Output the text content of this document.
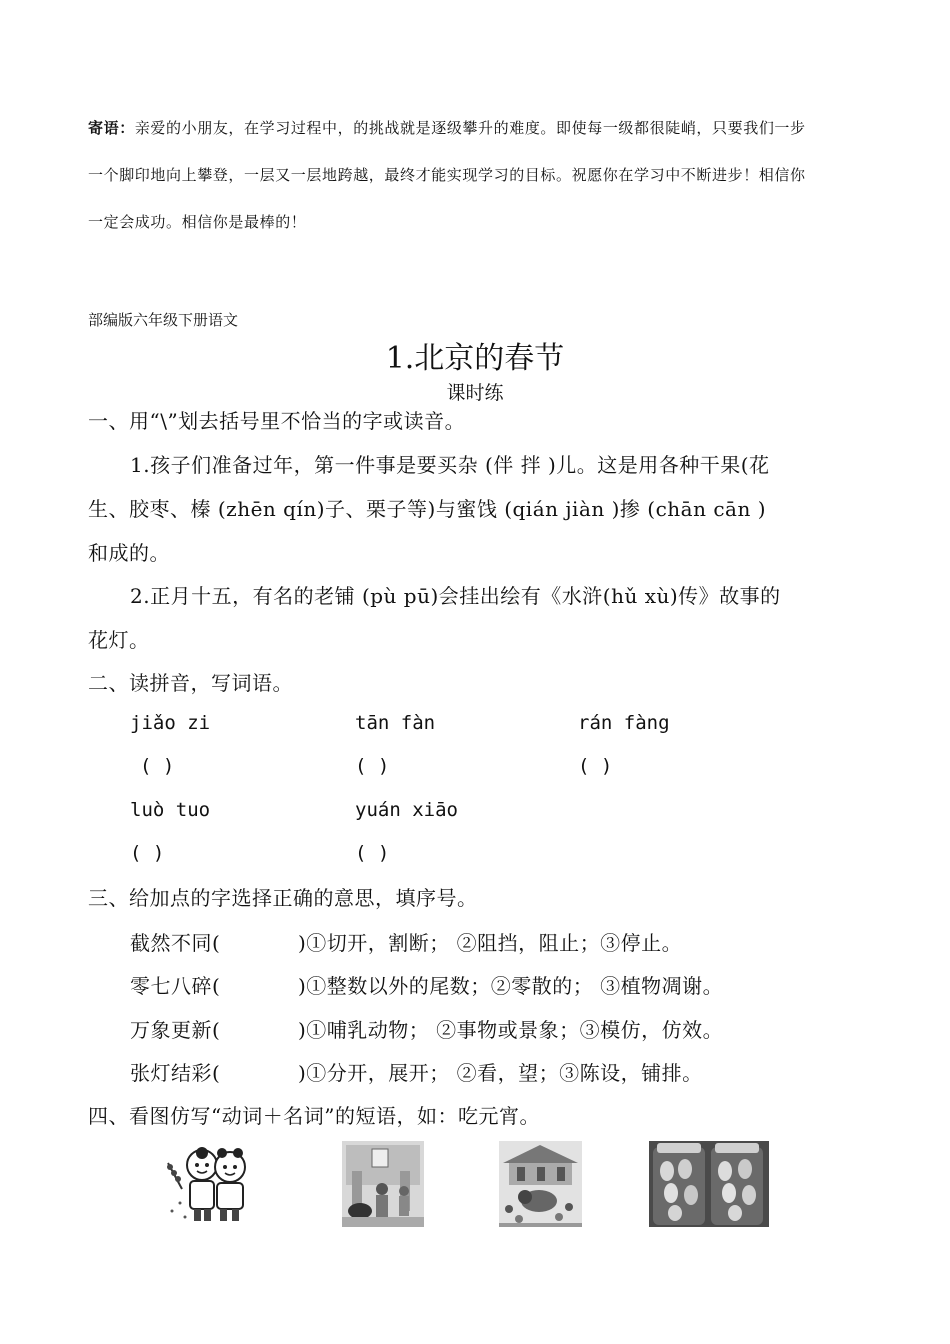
寄语：亲爱的小朋友，在学习过程中，的挑战就是逐级攀升的难度。即使每一级都很陡峭，只要我们一步
一个脚印地向上攀登，一层又一层地跨越，最终才能实现学习的目标。祝愿你在学习中不断进步！相信你
一定会成功。相信你是最棒的！
部编版六年级下册语文
1.北京的春节
课时练
一、用“\”划去括号里不恰当的字或读音。
1.孩子们准备过年，第一件事是要买杂 (伴 拌 )儿。这是用各种干果(花
生、胶枣、榛 (zhēn qín)子、栗子等)与蜜饯 (qián jiàn )掺 (chān cān )
和成的。
2.正月十五，有名的老铺 (pù pū)会挂出绘有《水浒(hǔ xù)传》故事的
花灯。
二、读拼音，写词语。
jiǎo zi	tān fàn	rán fàng
( )	( )	( )
luò tuo	yuán xiāo
( )	( )
三、给加点的字选择正确的意思，填序号。
截然不同(	)①切开，割断； ②阻挡，阻止；③停止。
零七八碎(	)①整数以外的尾数；②零散的； ③植物凋谢。
万象更新(	)①哺乳动物； ②事物或景象；③模仿，仿效。
张灯结彩(	)①分开，展开； ②看，望；③陈设，铺排。
四、看图仿写“动词＋名词”的短语，如：吃元宵。
